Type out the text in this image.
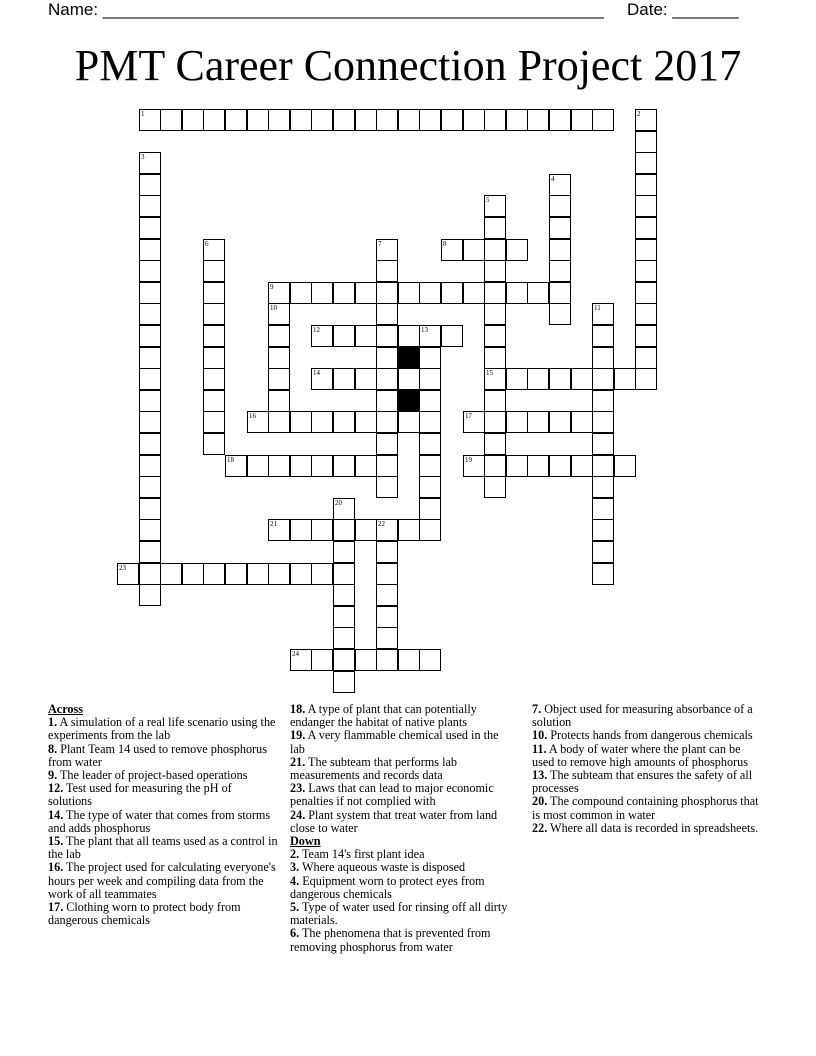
Name: _____________________________________________________ Date: _______
PMT Career Connection Project 2017
1	2
3
4
5
15
6	7	8
9
10	11
12	13
14
16	17
18	19
20
21	22
23
24
Across
1. A simulation of a real life scenario using the experiments from the lab
8. Plant Team 14 used to remove phosphorus from water
9. The leader of project-based operations
12. Test used for measuring the pH of solutions
14. The type of water that comes from storms and adds phosphorus
15. The plant that all teams used as a control in the lab
16. The project used for calculating everyone's hours per week and compiling data from the work of all teammates
17. Clothing worn to protect body from dangerous chemicals
18. A type of plant that can potentially endanger the habitat of native plants
19. A very flammable chemical used in the lab
21. The subteam that performs lab measurements and records data
23. Laws that can lead to major economic penalties if not complied with
24. Plant system that treat water from land close to water
Down
2. Team 14's first plant idea
3. Where aqueous waste is disposed
4. Equipment worn to protect eyes from dangerous chemicals
5. Type of water used for rinsing off all dirty materials.
6. The phenomena that is prevented from removing phosphorus from water
7. Object used for measuring absorbance of a solution
10. Protects hands from dangerous chemicals
11. A body of water where the plant can be used to remove high amounts of phosphorus
13. The subteam that ensures the safety of all processes
20. The compound containing phosphorus that is most common in water
22. Where all data is recorded in spreadsheets.
